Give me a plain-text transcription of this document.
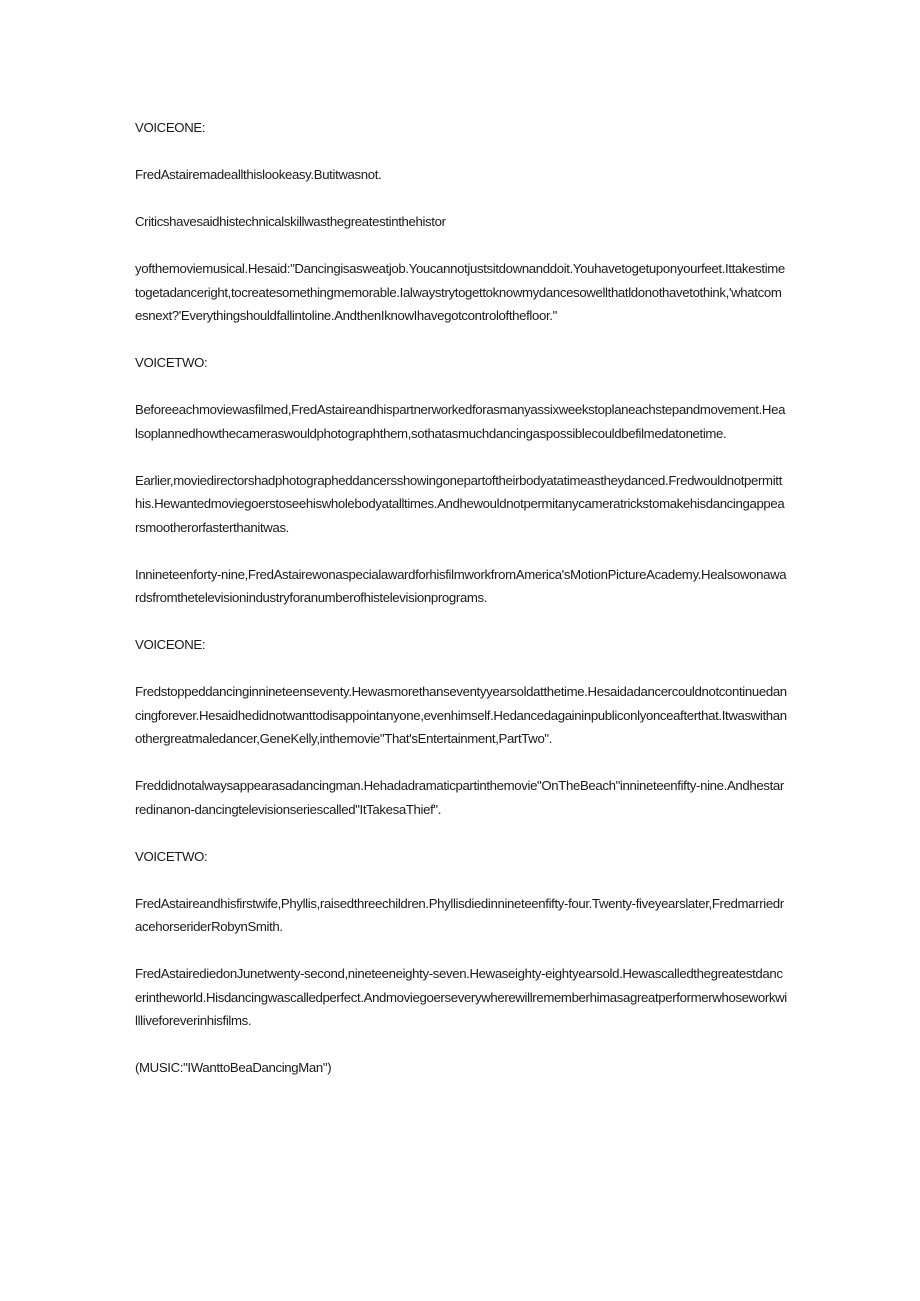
VOICEONE:

FredAstairemadeallthislookeasy.Butitwasnot.

Criticshavesaidhistechnicalskillwasthegreatestinthehistor

yofthemoviemusical.Hesaid:"Dancingisasweatjob.Youcannotjustsitdownanddoit.Youhavetogetuponyourfeet.Ittakestimetogetadanceright,tocreatesomethingmemorable.Ialwaystrytogettoknowmydancesowellthatldonothavetothink,'whatcomesnext?'Everythingshouldfallintoline.AndthenIknowIhavegotcontrolofthefloor."

VOICETWO:

Beforeeachmoviewasfilmed,FredAstaireandhispartnerworkedforasmanyassixweekstoplaneachstepandmovement.Healsoplannedhowthecameraswouldphotographthem,sothatasmuchdancingaspossiblecouldbefilmedatonetime.

Earlier,moviedirectorshadphotographeddancersshowingonepartoftheirbodyatatimeastheydanced.Fredwouldnotpermitthis.Hewantedmoviegoerstoseehiswholebodyatalltimes.Andhewouldnotpermitanycameratrickstomakehisdancingappearsmootherorfasterthanitwas.

Innineteenforty-nine,FredAstairewonaspecialawardforhisfilmworkfromAmerica'sMotionPictureAcademy.Healsowonawardsfromthetelevisionindustryforanumberofhistelevisionprograms.

VOICEONE:

Fredstoppeddancinginnineteenseventy.Hewasmorethanseventyyearsoldatthetime.Hesaidadancercouldnotcontinuedancingforever.Hesaidhedidnotwanttodisappointanyone,evenhimself.Hedancedagaininpubliconlyonceafterthat.Itwaswithanothergreatmaledancer,GeneKelly,inthemovie"That'sEntertainment,PartTwo".

Freddidnotalwaysappearasadancingman.Hehadadramaticpartinthemovie"OnTheBeach"innineteenfifty-nine.Andhestarredinanon-dancingtelevisionseriescalled"ItTakesaThief".

VOICETWO:

FredAstaireandhisfirstwife,Phyllis,raisedthreechildren.Phyllisdiedinnineteenfifty-four.Twenty-fiveyearslater,FredmarriedracehorseriderRobynSmith.

FredAstairediedonJunetwenty-second,nineteeneighty-seven.Hewaseighty-eightyearsold.Hewascalledthegreatestdancerintheworld.Hisdancingwascalledperfect.Andmoviegoerseverywherewillrememberhimasagreatperformerwhoseworkwillliveforeverinhisfilms.

(MUSIC:"IWanttoBeaDancingMan")
